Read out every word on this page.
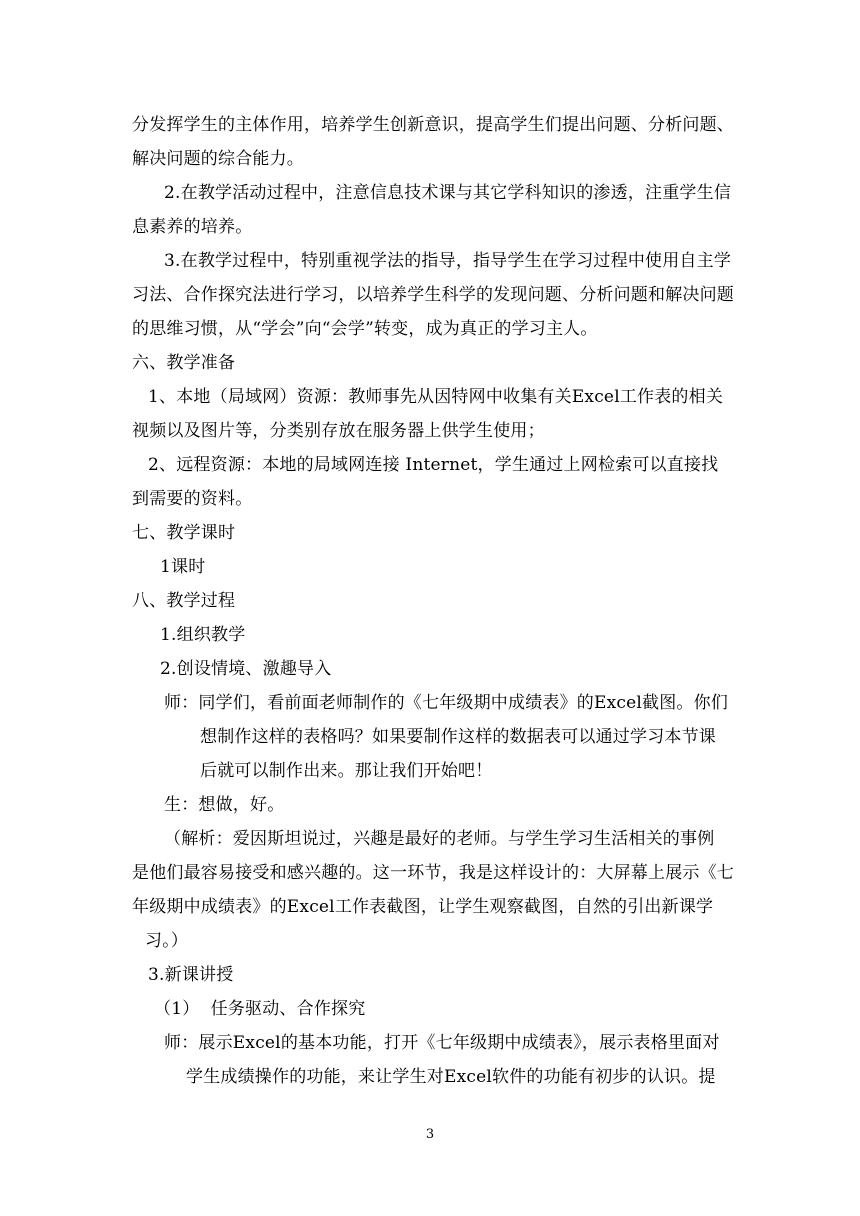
分发挥学生的主体作用，培养学生创新意识，提高学生们提出问题、分析问题、
解决问题的综合能力。
2.在教学活动过程中，注意信息技术课与其它学科知识的渗透，注重学生信
息素养的培养。
3.在教学过程中，特别重视学法的指导，指导学生在学习过程中使用自主学
习法、合作探究法进行学习，以培养学生科学的发现问题、分析问题和解决问题
的思维习惯，从“学会”向“会学”转变，成为真正的学习主人。
六、教学准备
1、本地（局域网）资源：教师事先从因特网中收集有关Excel工作表的相关
视频以及图片等，分类别存放在服务器上供学生使用；
2、远程资源：本地的局域网连接 Internet，学生通过上网检索可以直接找
到需要的资料。
七、教学课时
1课时
八、教学过程
1.组织教学
2.创设情境、激趣导入
师：同学们，看前面老师制作的《七年级期中成绩表》的Excel截图。你们
想制作这样的表格吗？如果要制作这样的数据表可以通过学习本节课
后就可以制作出来。那让我们开始吧！
生：想做，好。
（解析：爱因斯坦说过，兴趣是最好的老师。与学生学习生活相关的事例
是他们最容易接受和感兴趣的。这一环节，我是这样设计的：大屏幕上展示《七
年级期中成绩表》的Excel工作表截图，让学生观察截图，自然的引出新课学
习。）
3.新课讲授
（1）  任务驱动、合作探究
师：展示Excel的基本功能，打开《七年级期中成绩表》，展示表格里面对
学生成绩操作的功能，来让学生对Excel软件的功能有初步的认识。提
3
